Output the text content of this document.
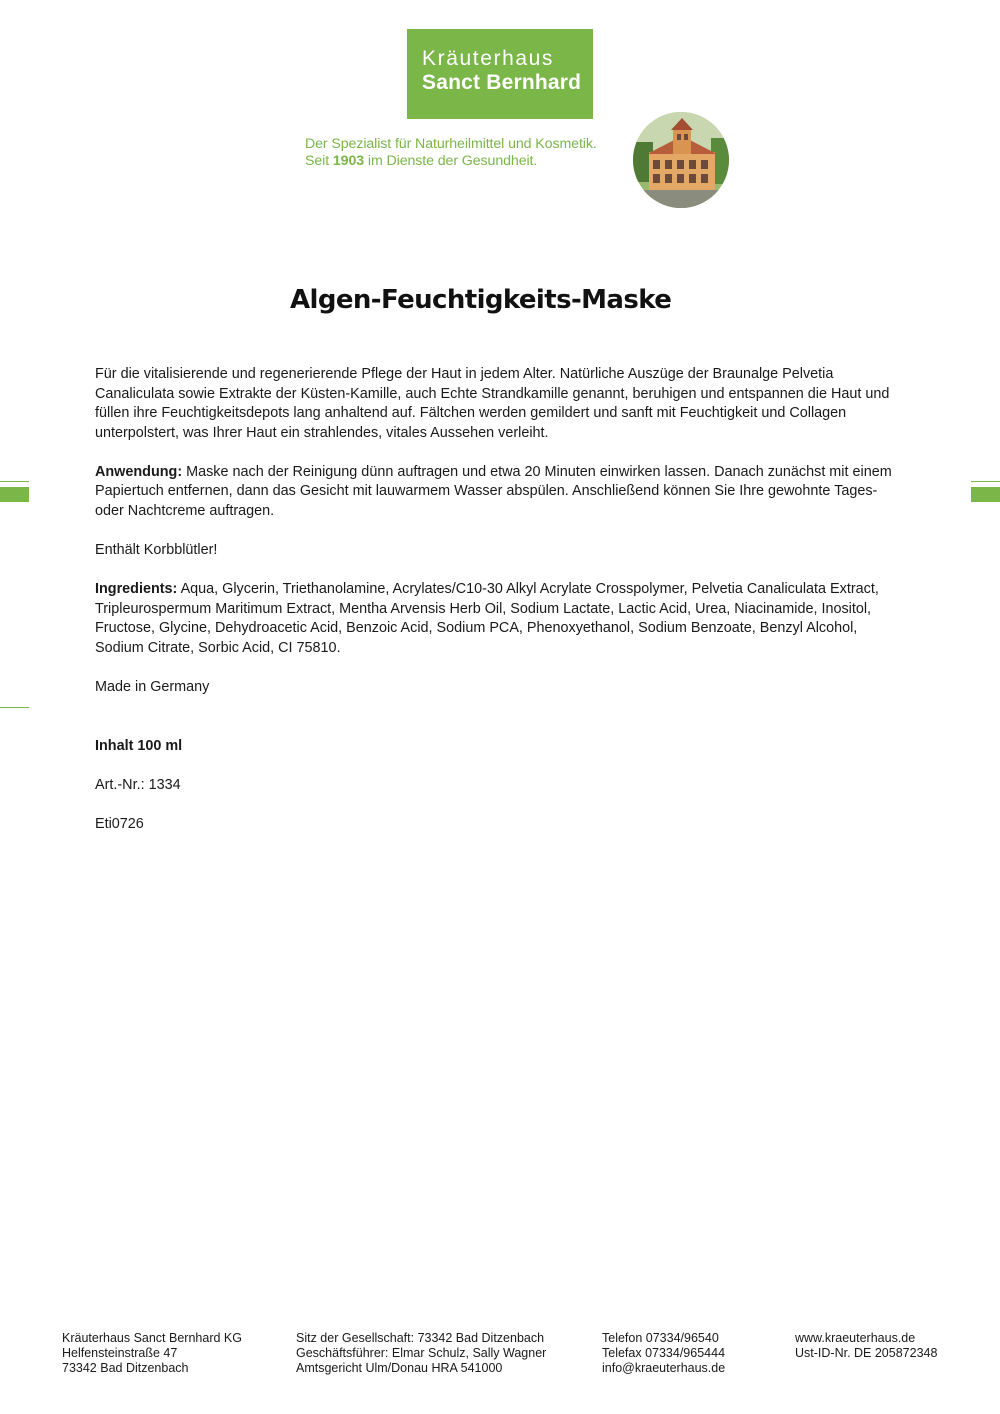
Kräuterhaus
Sanct Bernhard
Der Spezialist für Naturheilmittel und Kosmetik.
Seit 1903 im Dienste der Gesundheit.
Algen-Feuchtigkeits-Maske

Für die vitalisierende und regenerierende Pflege der Haut in jedem Alter. Natürliche Auszüge der Braunalge Pelvetia Canaliculata sowie Extrakte der Küsten-Kamille, auch Echte Strandkamille genannt, beruhigen und entspannen die Haut und füllen ihre Feuchtigkeitsdepots lang anhaltend auf. Fältchen werden gemildert und sanft mit Feuchtigkeit und Collagen unterpolstert, was Ihrer Haut ein strahlendes, vitales Aussehen verleiht.

Anwendung: Maske nach der Reinigung dünn auftragen und etwa 20 Minuten einwirken lassen. Danach zunächst mit einem Papiertuch entfernen, dann das Gesicht mit lauwarmem Wasser abspülen. Anschließend können Sie Ihre gewohnte Tages- oder Nachtcreme auftragen.

Enthält Korbblütler!

Ingredients: Aqua, Glycerin, Triethanolamine, Acrylates/C10-30 Alkyl Acrylate Crosspolymer, Pelvetia Canaliculata Extract, Tripleurospermum Maritimum Extract, Mentha Arvensis Herb Oil, Sodium Lactate, Lactic Acid, Urea, Niacinamide, Inositol, Fructose, Glycine, Dehydroacetic Acid, Benzoic Acid, Sodium PCA, Phenoxyethanol, Sodium Benzoate, Benzyl Alcohol, Sodium Citrate, Sorbic Acid, CI 75810.

Made in Germany

Inhalt 100 ml

Art.-Nr.: 1334

Eti0726

Kräuterhaus Sanct Bernhard KG
Helfensteinstraße 47
73342 Bad Ditzenbach
Sitz der Gesellschaft: 73342 Bad Ditzenbach
Geschäftsführer: Elmar Schulz, Sally Wagner
Amtsgericht Ulm/Donau HRA 541000
Telefon 07334/96540
Telefax 07334/965444
info@kraeuterhaus.de
www.kraeuterhaus.de
Ust-ID-Nr. DE 205872348
